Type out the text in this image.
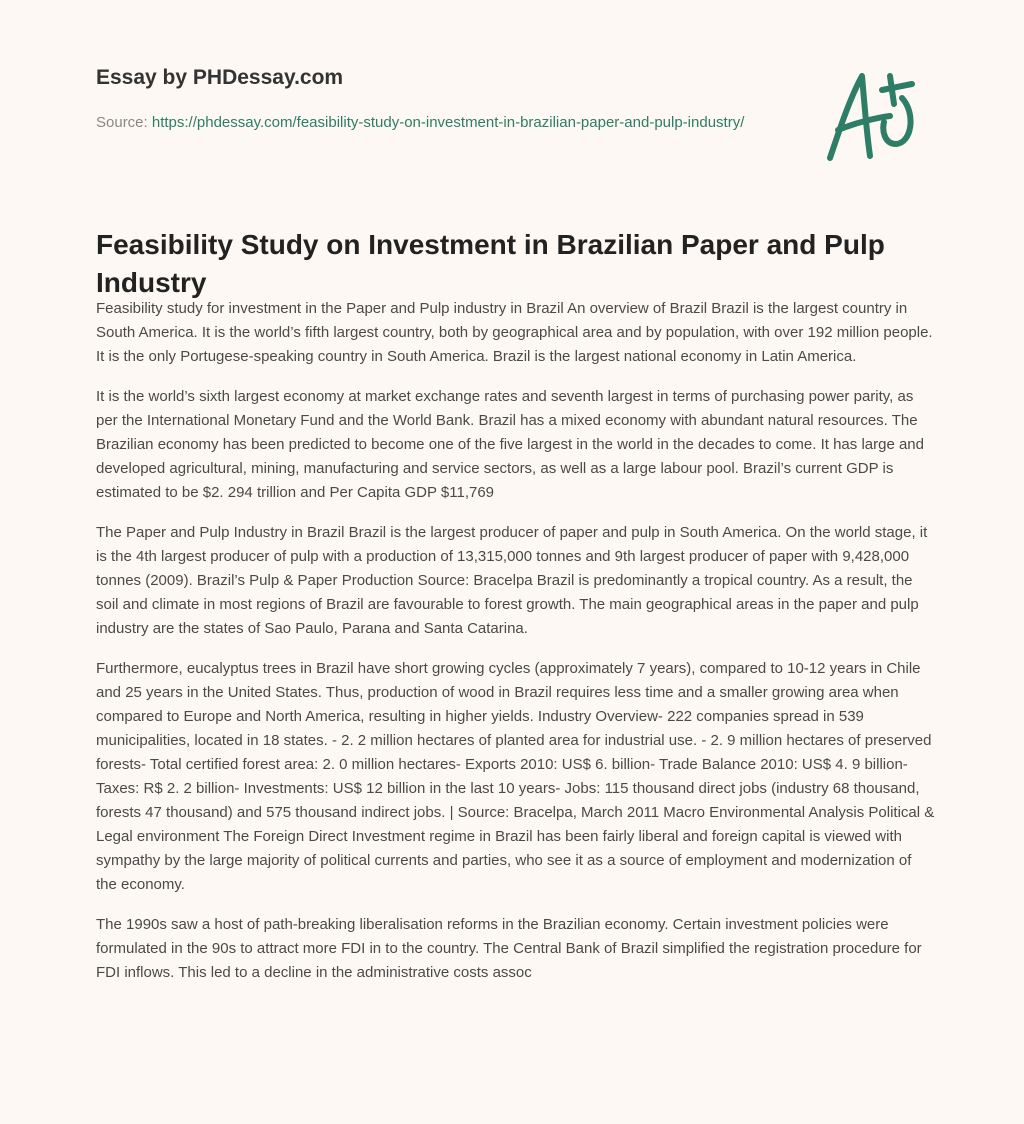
Essay by PHDessay.com
Source: https://phdessay.com/feasibility-study-on-investment-in-brazilian-paper-and-pulp-industry/
Feasibility Study on Investment in Brazilian Paper and Pulp Industry

Feasibility study for investment in the Paper and Pulp industry in Brazil An overview of Brazil Brazil is the largest country in South America. It is the world’s fifth largest country, both by geographical area and by population, with over 192 million people. It is the only Portugese-speaking country in South America. Brazil is the largest national economy in Latin America.

It is the world’s sixth largest economy at market exchange rates and seventh largest in terms of purchasing power parity, as per the International Monetary Fund and the World Bank. Brazil has a mixed economy with abundant natural resources. The Brazilian economy has been predicted to become one of the five largest in the world in the decades to come. It has large and developed agricultural, mining, manufacturing and service sectors, as well as a large labour pool. Brazil’s current GDP is estimated to be $2. 294 trillion and Per Capita GDP $11,769

The Paper and Pulp Industry in Brazil Brazil is the largest producer of paper and pulp in South America. On the world stage, it is the 4th largest producer of pulp with a production of 13,315,000 tonnes and 9th largest producer of paper with 9,428,000 tonnes (2009). Brazil’s Pulp & Paper Production Source: Bracelpa Brazil is predominantly a tropical country. As a result, the soil and climate in most regions of Brazil are favourable to forest growth. The main geographical areas in the paper and pulp industry are the states of Sao Paulo, Parana and Santa Catarina.

Furthermore, eucalyptus trees in Brazil have short growing cycles (approximately 7 years), compared to 10-12 years in Chile and 25 years in the United States. Thus, production of wood in Brazil requires less time and a smaller growing area when compared to Europe and North America, resulting in higher yields. Industry Overview- 222 companies spread in 539 municipalities, located in 18 states. - 2. 2 million hectares of planted area for industrial use. - 2. 9 million hectares of preserved forests- Total certified forest area: 2. 0 million hectares- Exports 2010: US$ 6. billion- Trade Balance 2010: US$ 4. 9 billion- Taxes: R$ 2. 2 billion- Investments: US$ 12 billion in the last 10 years- Jobs: 115 thousand direct jobs (industry 68 thousand, forests 47 thousand) and 575 thousand indirect jobs. | Source: Bracelpa, March 2011 Macro Environmental Analysis Political & Legal environment The Foreign Direct Investment regime in Brazil has been fairly liberal and foreign capital is viewed with sympathy by the large majority of political currents and parties, who see it as a source of employment and modernization of the economy.

The 1990s saw a host of path-breaking liberalisation reforms in the Brazilian economy. Certain investment policies were formulated in the 90s to attract more FDI in to the country. The Central Bank of Brazil simplified the registration procedure for FDI inflows. This led to a decline in the administrative costs assoc
